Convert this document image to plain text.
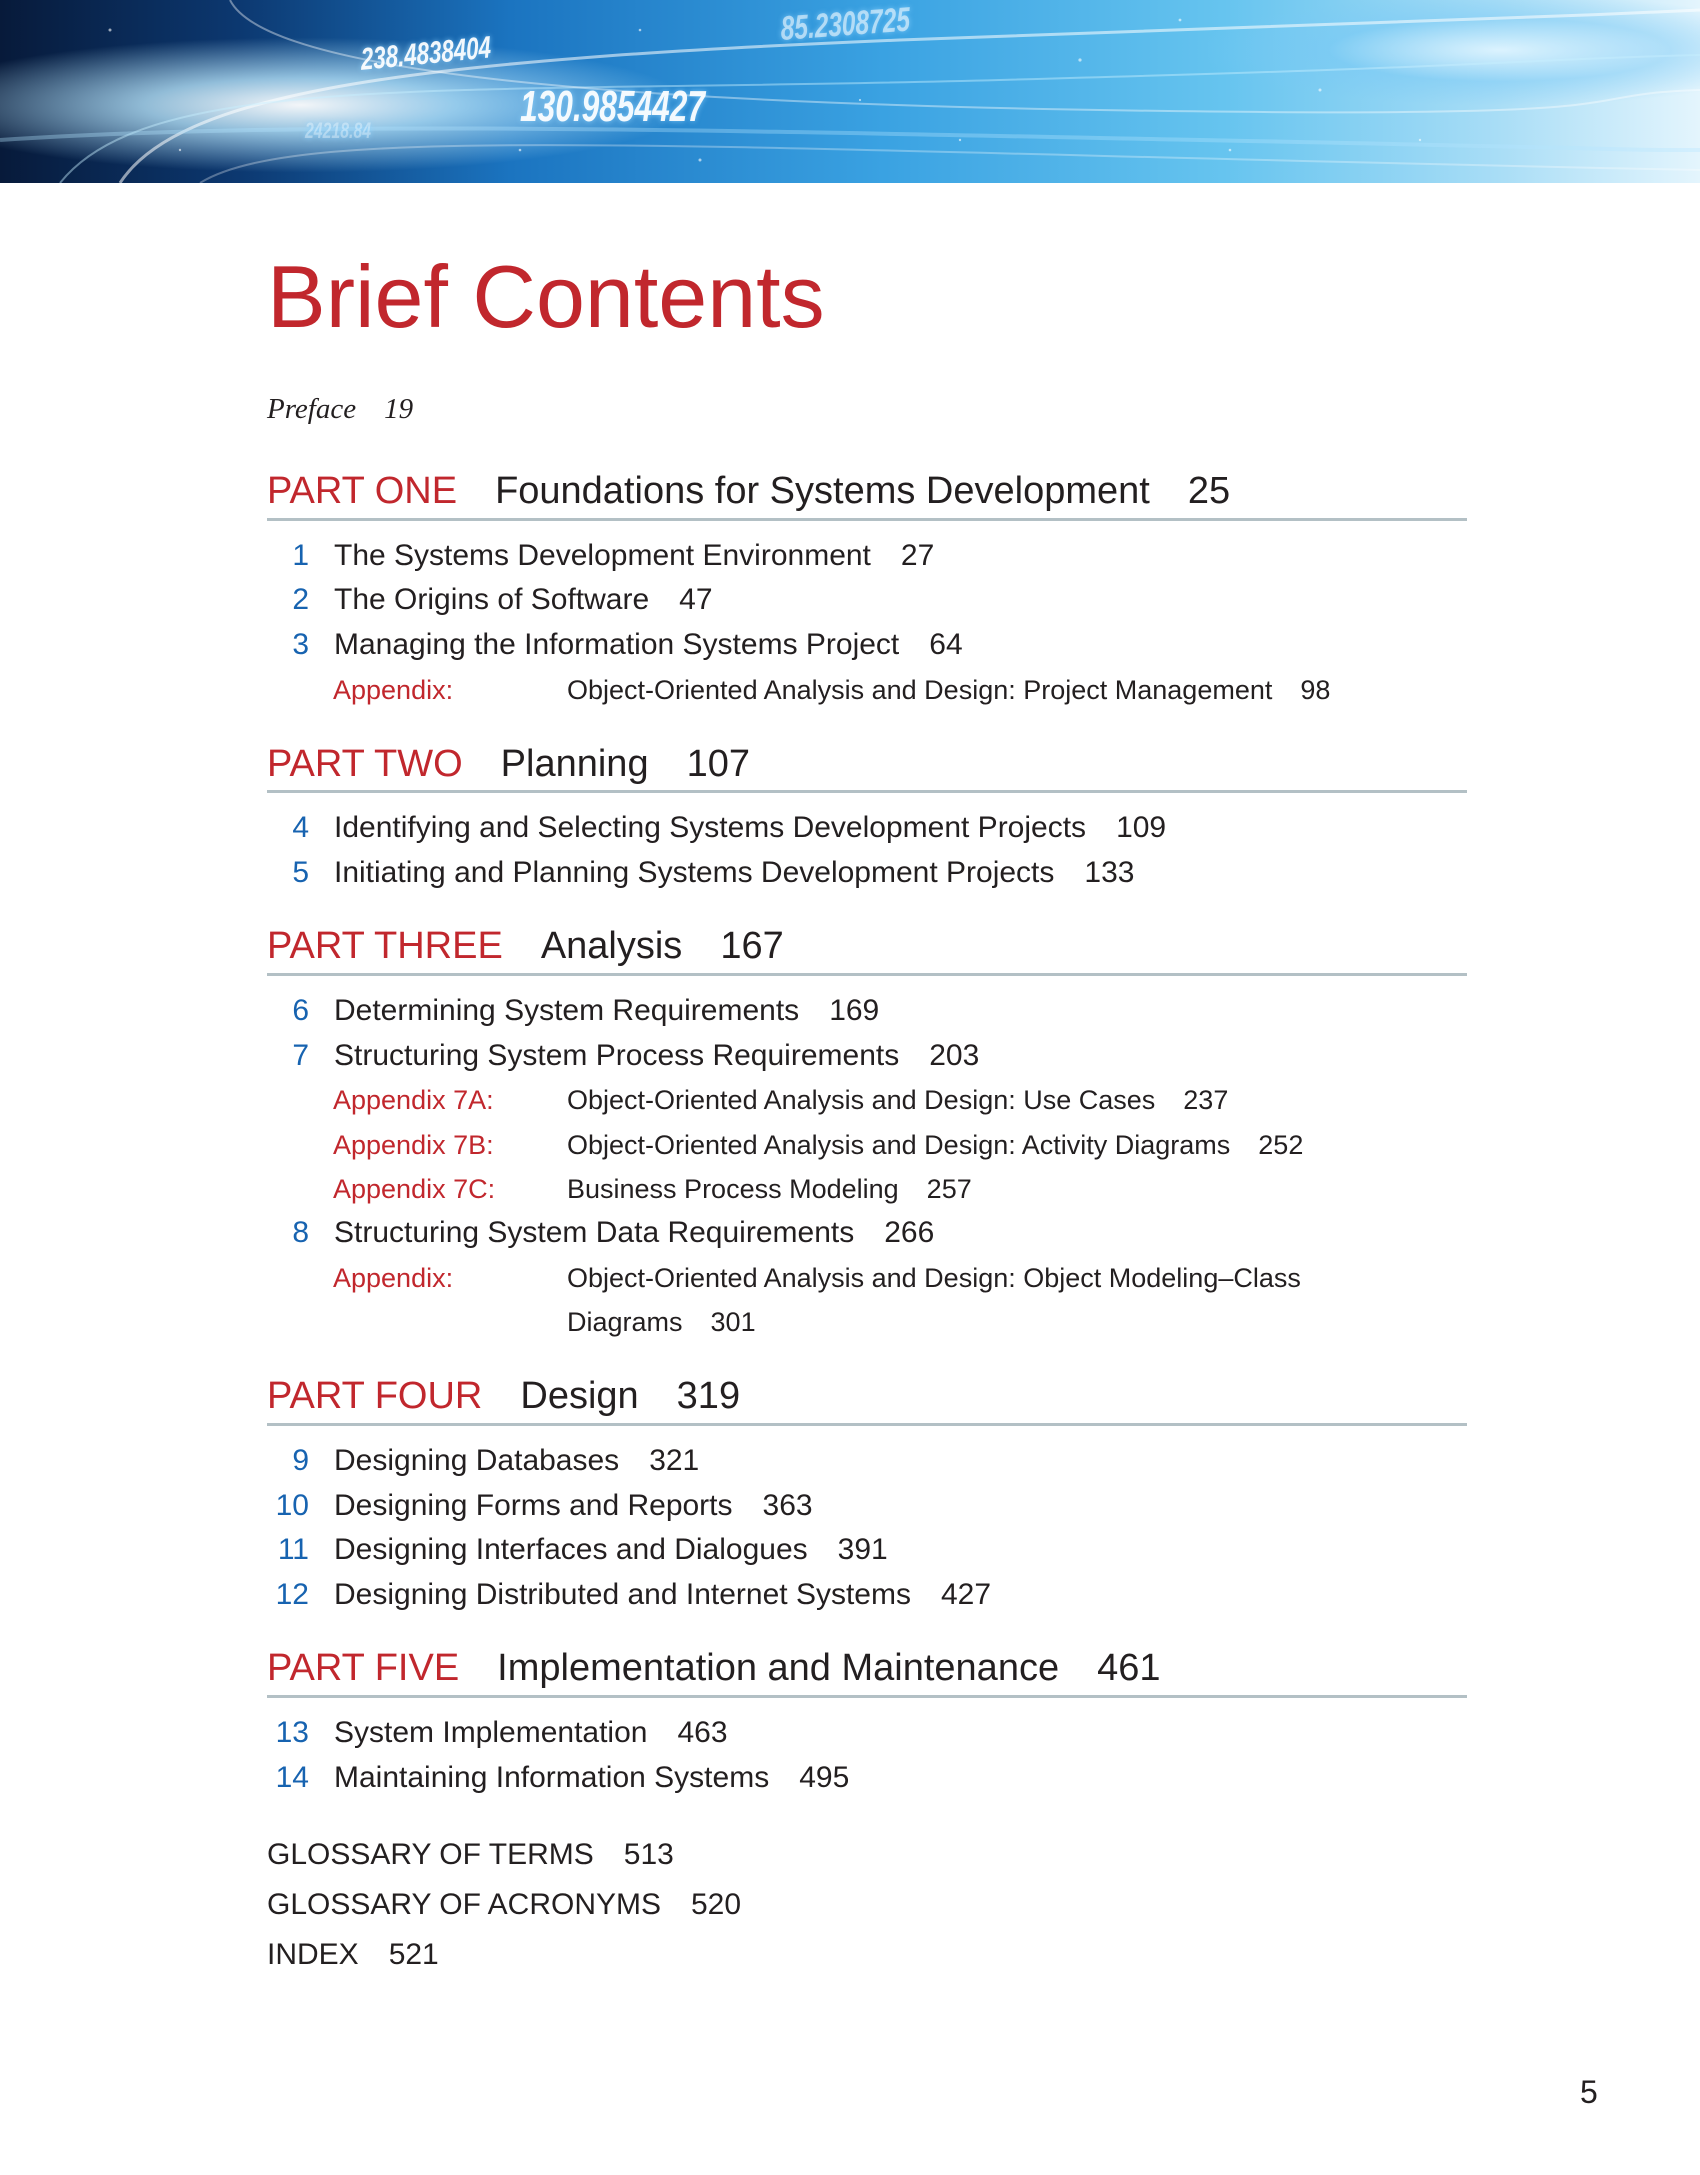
238.4838404
130.9854427
85.2308725
24218.84
Brief Contents
Preface 19
PART ONE Foundations for Systems Development 25
1 The Systems Development Environment 27
2 The Origins of Software 47
3 Managing the Information Systems Project 64
Appendix:	Object-Oriented Analysis and Design: Project Management 98
PART TWO Planning 107
4 Identifying and Selecting Systems Development Projects 109
5 Initiating and Planning Systems Development Projects 133
PART THREE Analysis 167
6 Determining System Requirements 169
7 Structuring System Process Requirements 203
Appendix 7A:	Object-Oriented Analysis and Design: Use Cases 237
Appendix 7B:	Object-Oriented Analysis and Design: Activity Diagrams 252
Appendix 7C:	Business Process Modeling 257
8 Structuring System Data Requirements 266
Appendix:	Object-Oriented Analysis and Design: Object Modeling–Class
Diagrams 301
PART FOUR Design 319
9 Designing Databases 321
10 Designing Forms and Reports 363
11 Designing Interfaces and Dialogues 391
12 Designing Distributed and Internet Systems 427
PART FIVE Implementation and Maintenance 461
13 System Implementation 463
14 Maintaining Information Systems 495
GLOSSARY OF TERMS 513
GLOSSARY OF ACRONYMS 520
INDEX 521
5
